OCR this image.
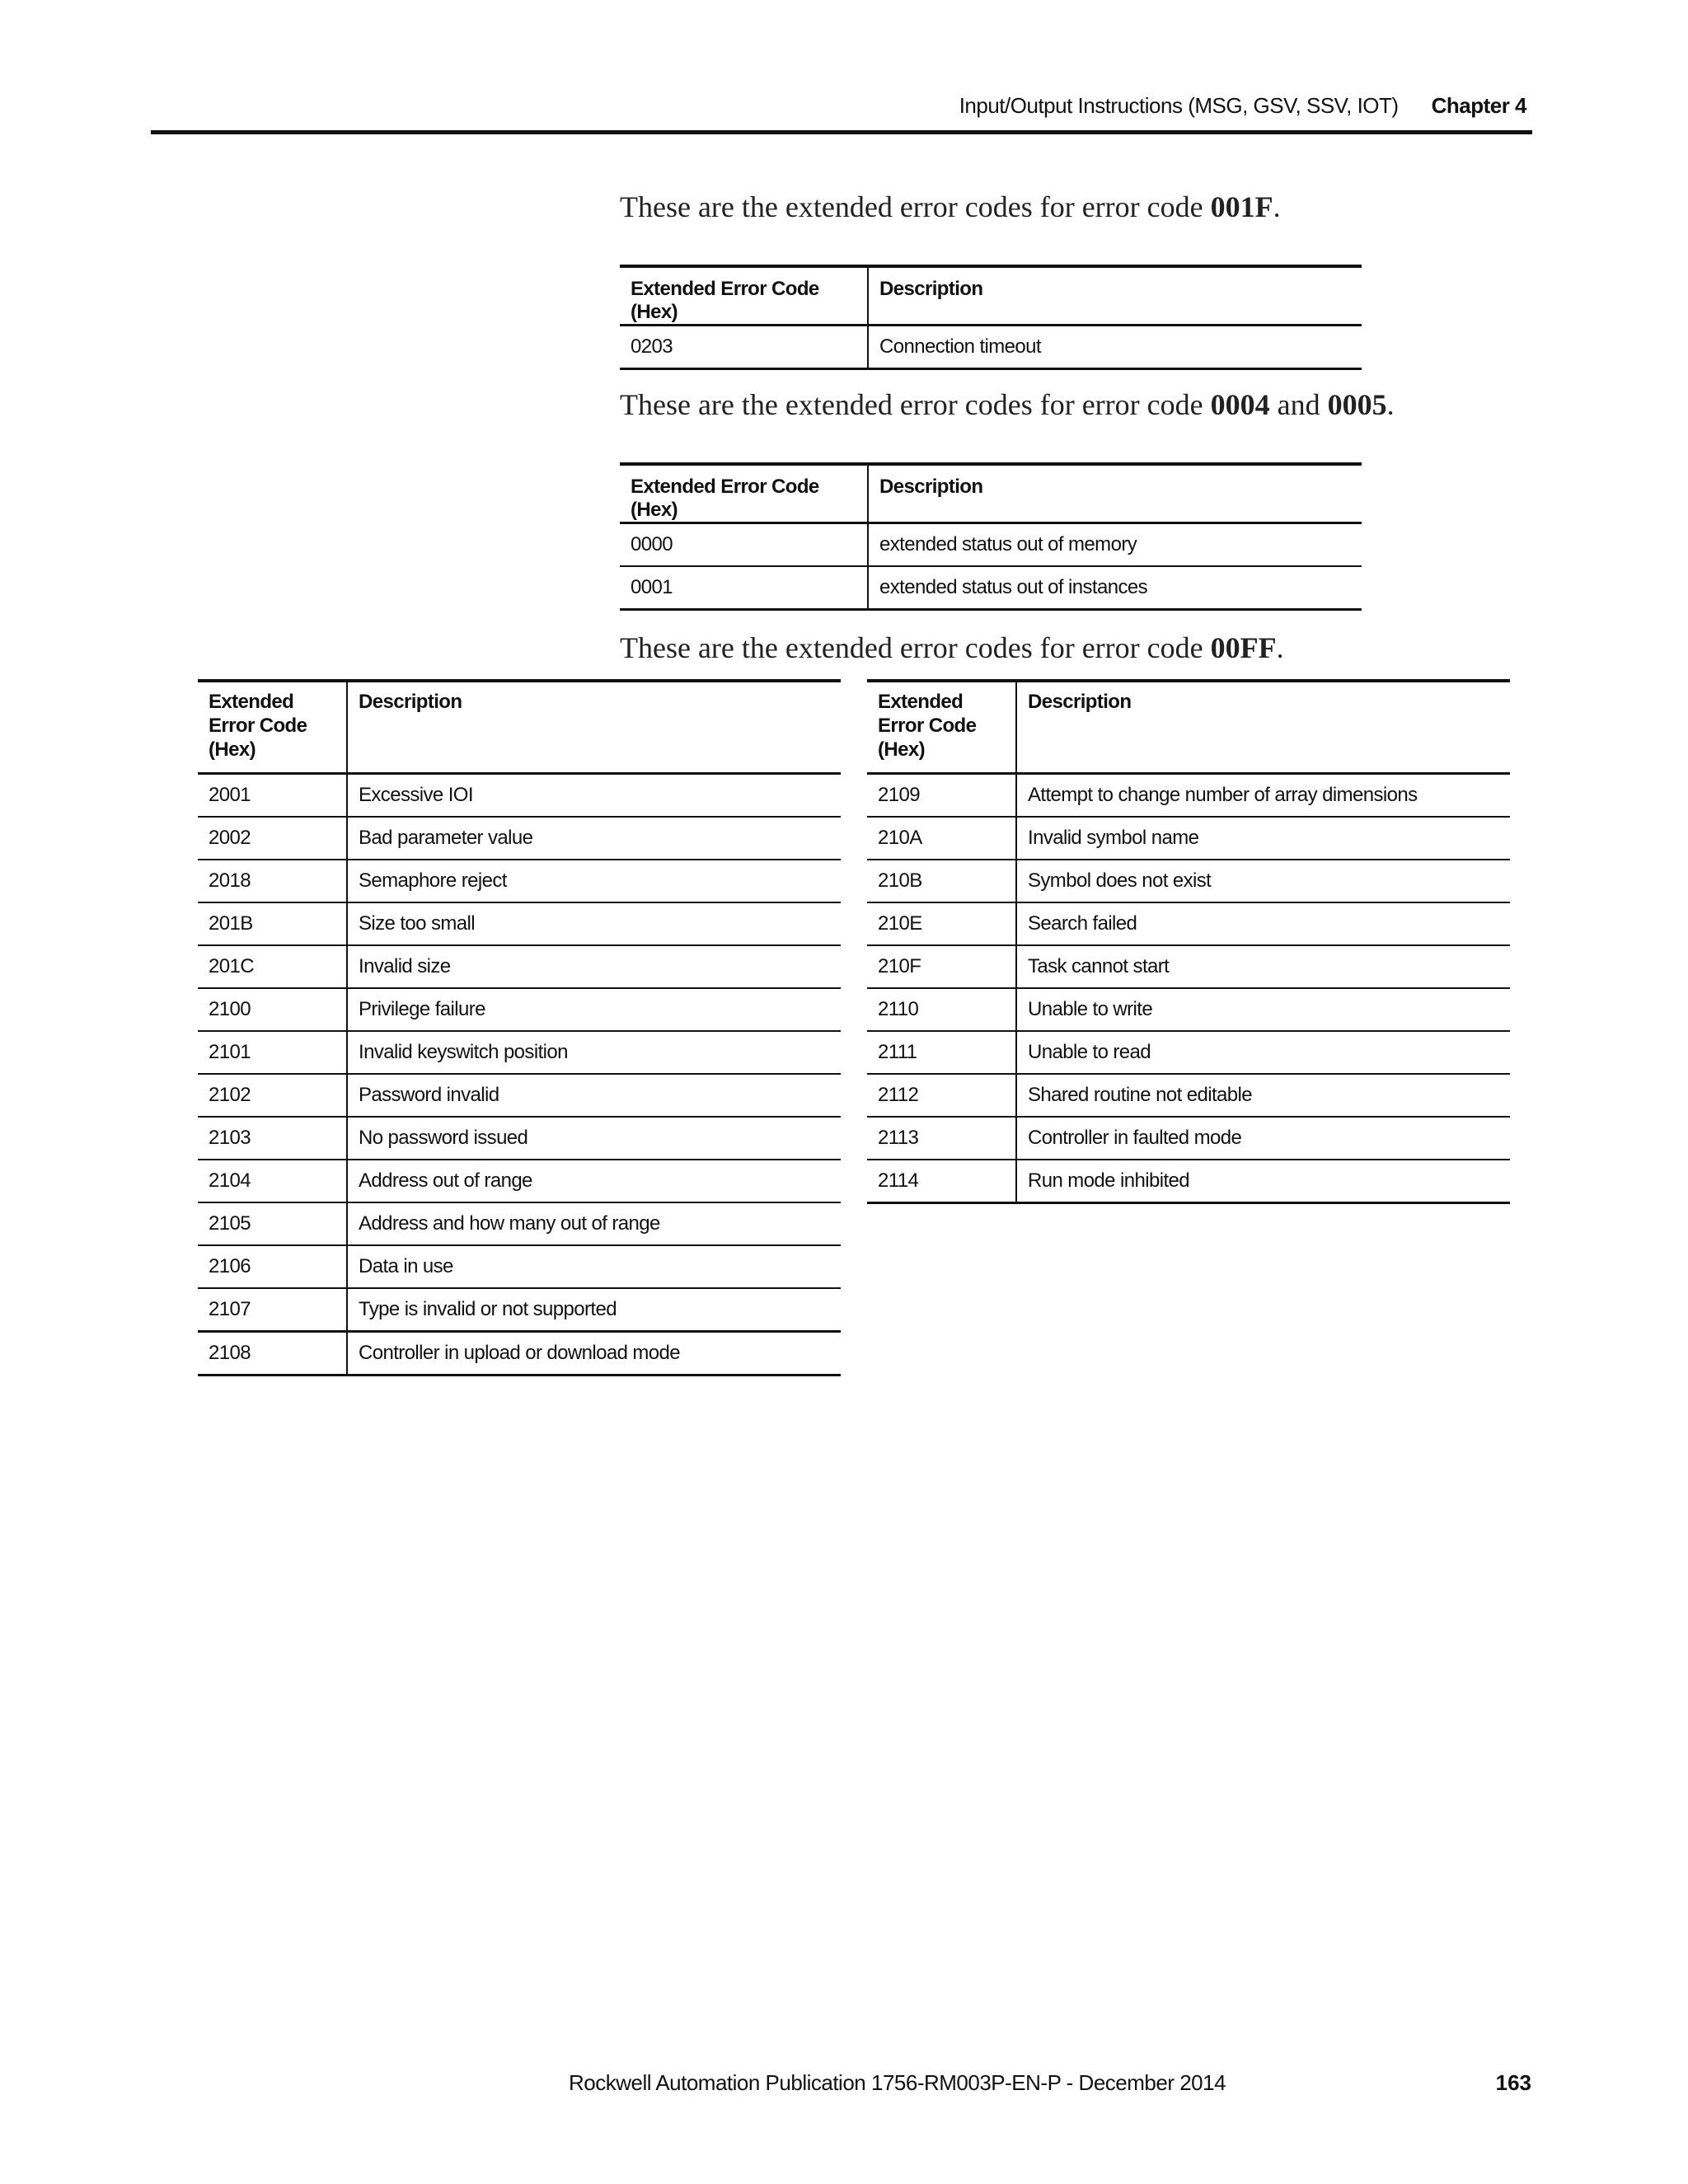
Input/Output Instructions (MSG, GSV, SSV, IOT) Chapter 4
These are the extended error codes for error code 001F.
Extended Error Code (Hex)	Description
0203	Connection timeout
These are the extended error codes for error code 0004 and 0005.
Extended Error Code (Hex)	Description
0000	extended status out of memory
0001	extended status out of instances
These are the extended error codes for error code 00FF.
Extended Error Code (Hex)	Description
2001	Excessive IOI
2002	Bad parameter value
2018	Semaphore reject
201B	Size too small
201C	Invalid size
2100	Privilege failure
2101	Invalid keyswitch position
2102	Password invalid
2103	No password issued
2104	Address out of range
2105	Address and how many out of range
2106	Data in use
2107	Type is invalid or not supported
2108	Controller in upload or download mode
Extended Error Code (Hex)	Description
2109	Attempt to change number of array dimensions
210A	Invalid symbol name
210B	Symbol does not exist
210E	Search failed
210F	Task cannot start
2110	Unable to write
2111	Unable to read
2112	Shared routine not editable
2113	Controller in faulted mode
2114	Run mode inhibited
Rockwell Automation Publication 1756-RM003P-EN-P - December 2014	163
